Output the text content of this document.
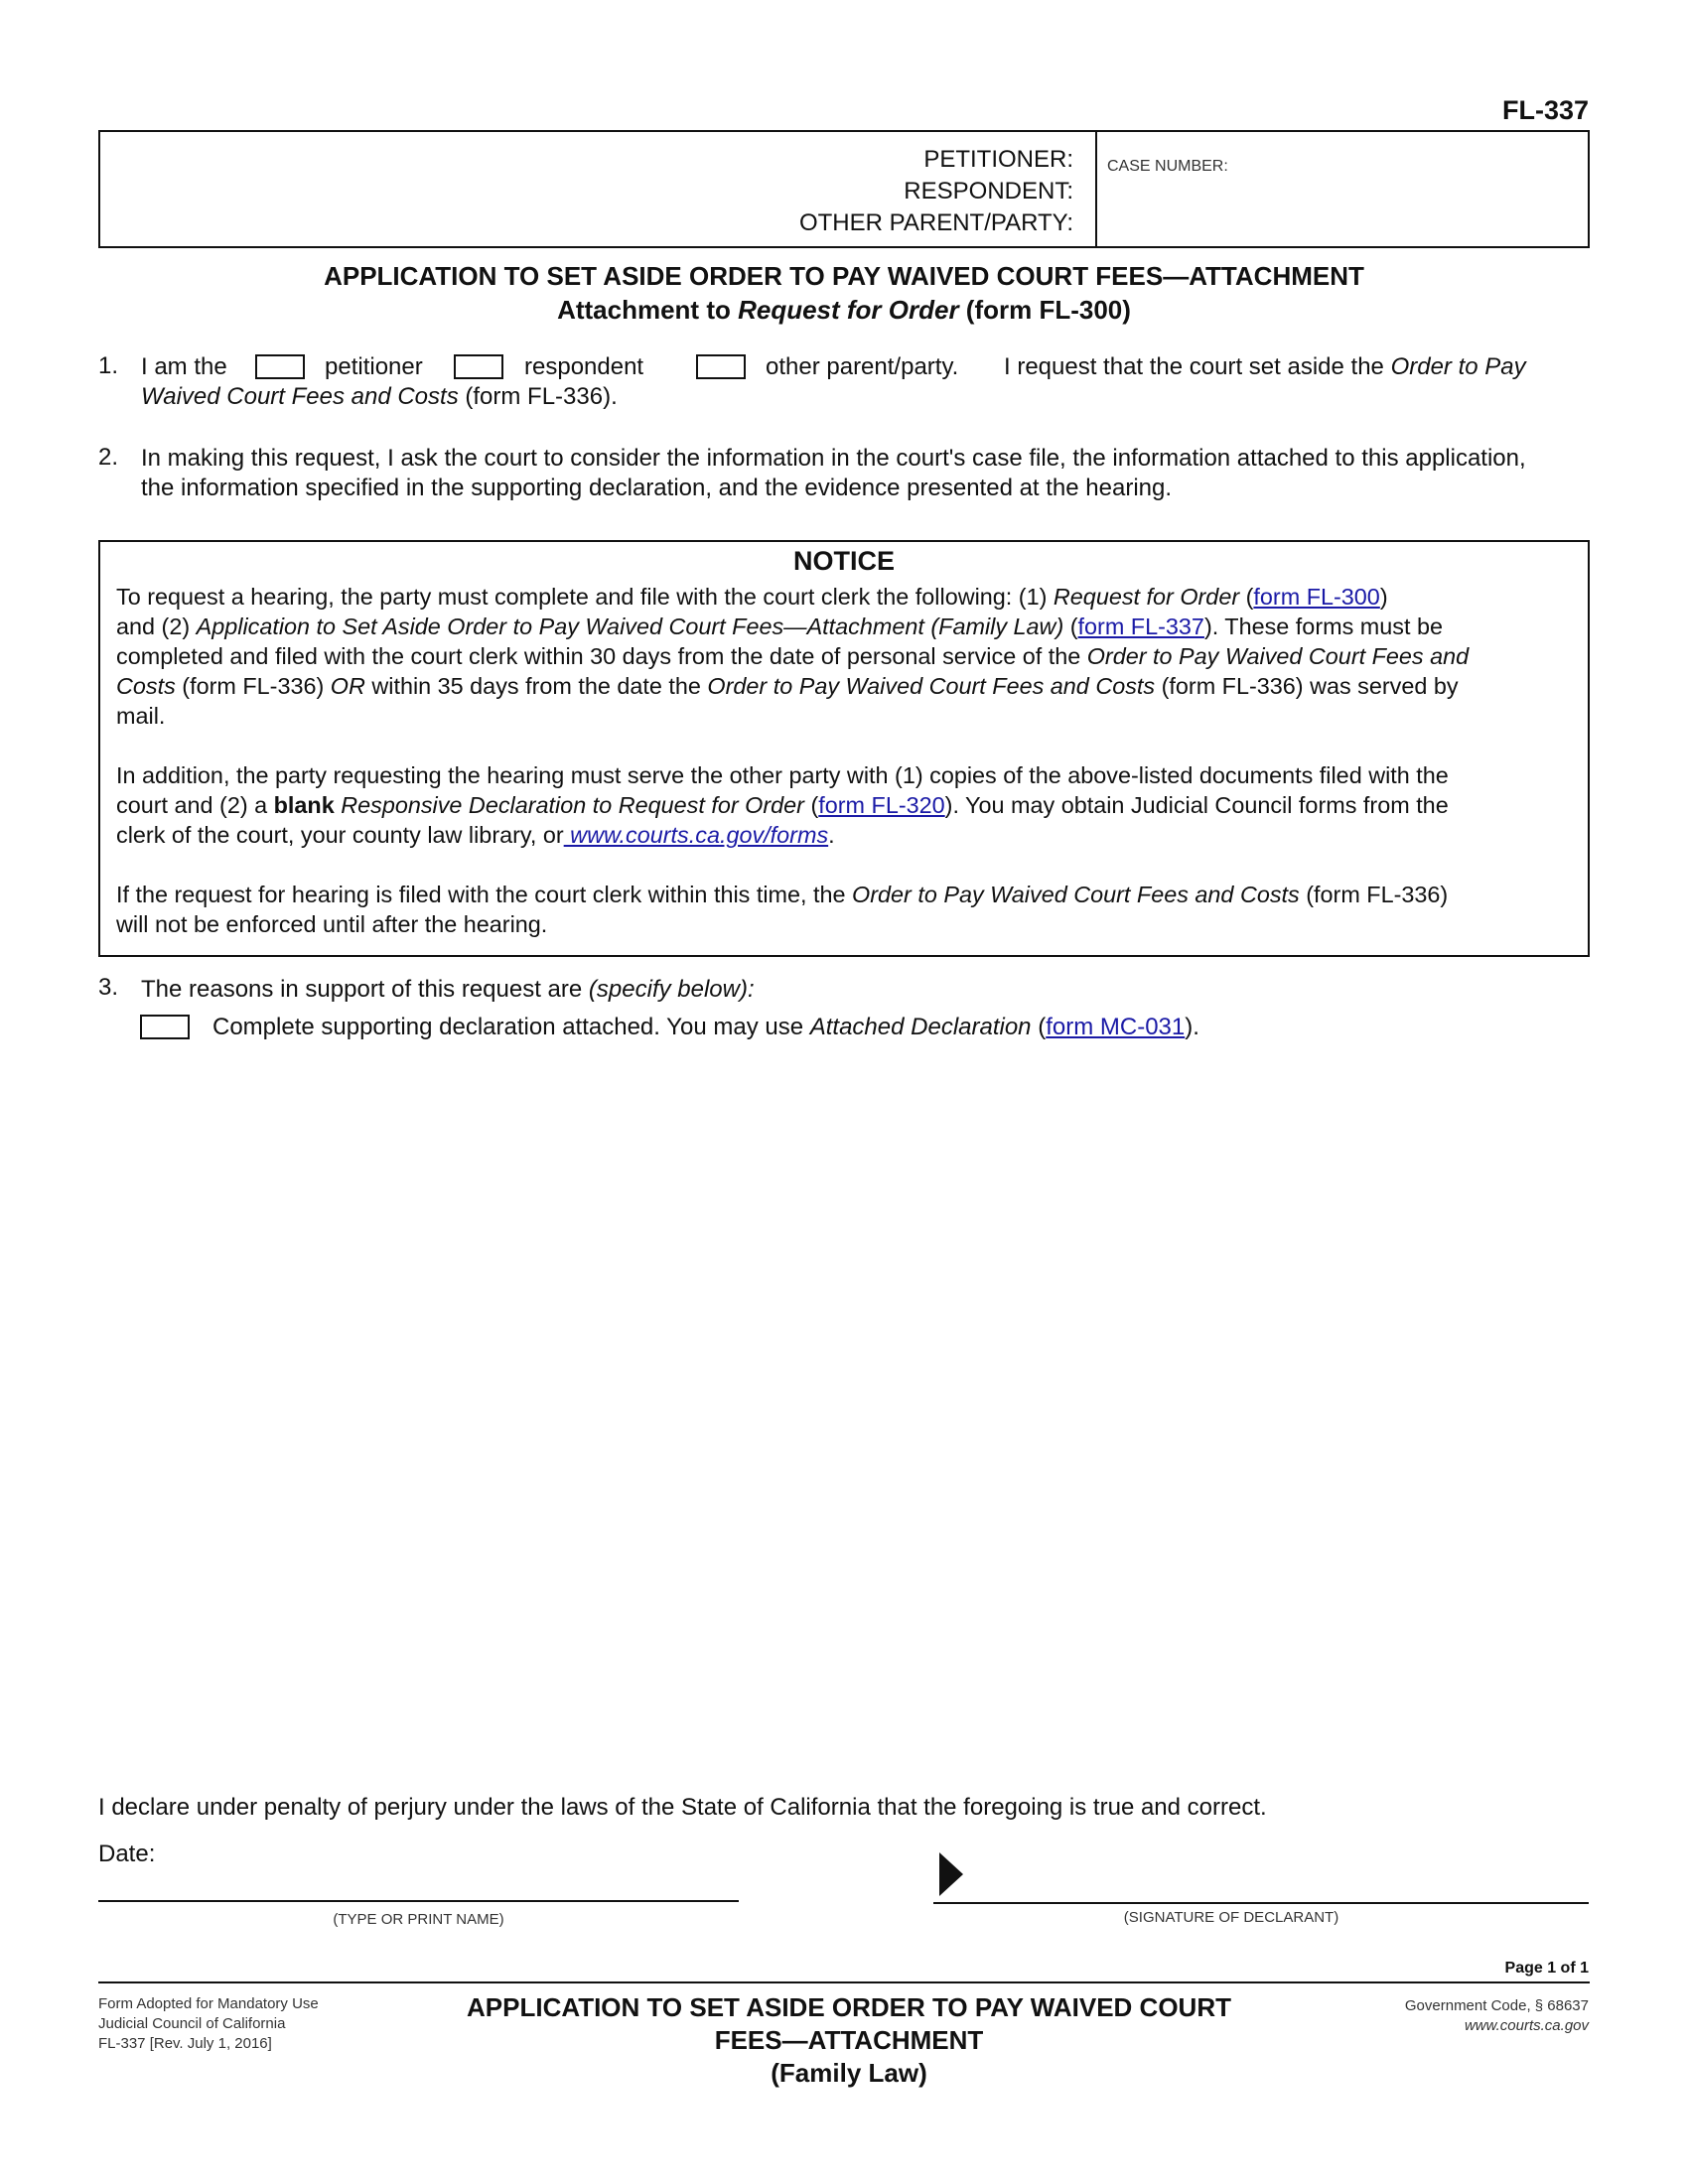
FL-337
PETITIONER:
RESPONDENT:
OTHER PARENT/PARTY:
CASE NUMBER:
APPLICATION TO SET ASIDE ORDER TO PAY WAIVED COURT FEES—ATTACHMENT
Attachment to Request for Order (form FL-300)
1. I am the	petitioner	respondent	other parent/party. I request that the court set aside the Order to Pay
Waived Court Fees and Costs (form FL-336).
2. In making this request, I ask the court to consider the information in the court's case file, the information attached to this application,
the information specified in the supporting declaration, and the evidence presented at the hearing.
NOTICE

To request a hearing, the party must complete and file with the court clerk the following: (1) Request for Order (form FL-300)
and (2) Application to Set Aside Order to Pay Waived Court Fees—Attachment (Family Law) (form FL-337). These forms must be
completed and filed with the court clerk within 30 days from the date of personal service of the Order to Pay Waived Court Fees and
Costs (form FL-336) OR within 35 days from the date the Order to Pay Waived Court Fees and Costs (form FL-336) was served by
mail.

In addition, the party requesting the hearing must serve the other party with (1) copies of the above-listed documents filed with the
court and (2) a blank Responsive Declaration to Request for Order (form FL-320). You may obtain Judicial Council forms from the
clerk of the court, your county law library, or www.courts.ca.gov/forms.

If the request for hearing is filed with the court clerk within this time, the Order to Pay Waived Court Fees and Costs (form FL-336)
will not be enforced until after the hearing.

3. The reasons in support of this request are (specify below):
Complete supporting declaration attached. You may use Attached Declaration (form MC-031).
I declare under penalty of perjury under the laws of the State of California that the foregoing is true and correct.
Date:
(TYPE OR PRINT NAME)	(SIGNATURE OF DECLARANT)
Page 1 of 1
Form Adopted for Mandatory Use
Judicial Council of California
FL-337 [Rev. July 1, 2016]
APPLICATION TO SET ASIDE ORDER TO PAY WAIVED COURT
FEES—ATTACHMENT
(Family Law)
Government Code, § 68637
www.courts.ca.gov
